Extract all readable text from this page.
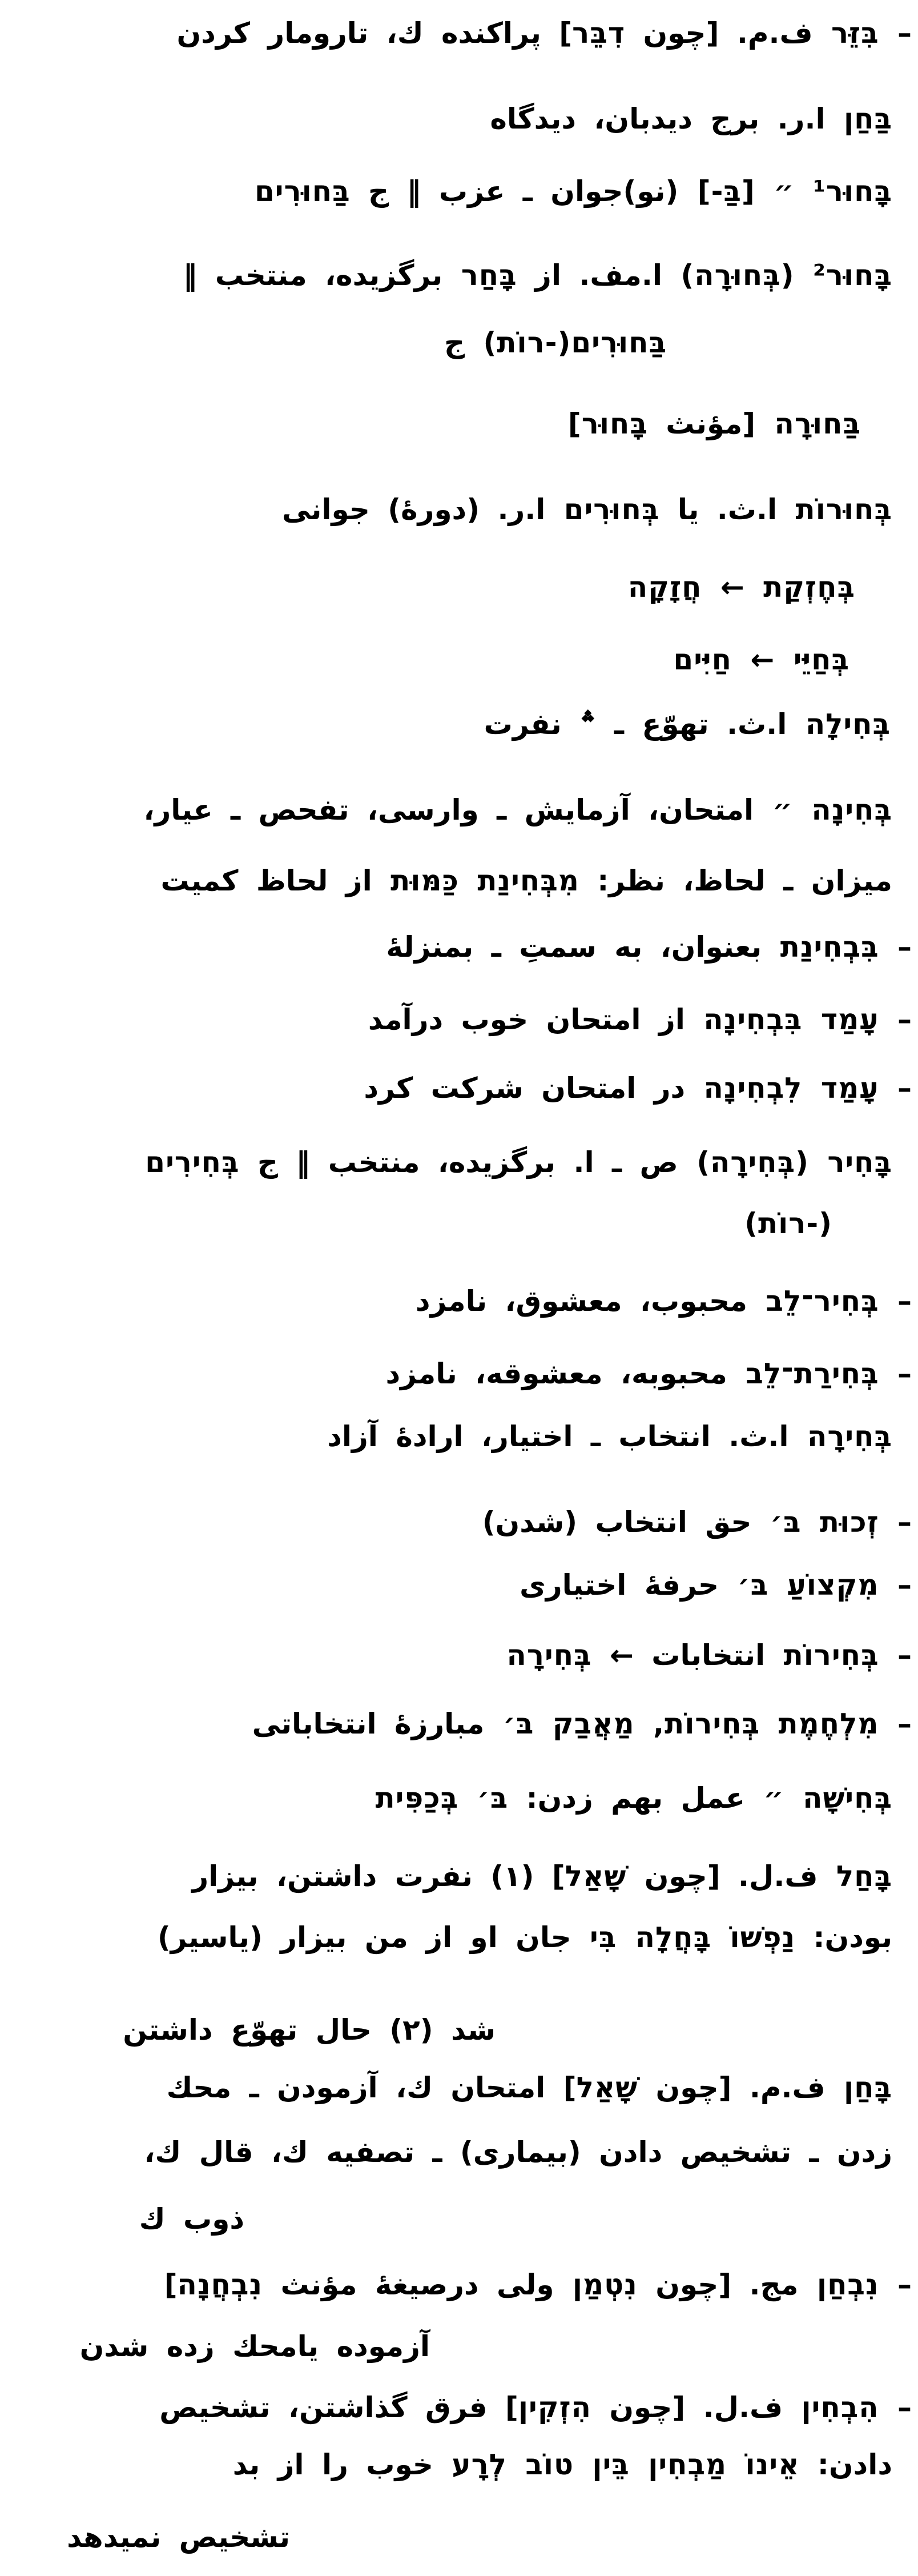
– בִּזֵּר ف.م. [چون דִבֵּר] پراكنده ك، تارومار كردن
בַּחַן ا.ر. برج دیدبان، دیدگاه
בָּחוּר¹ ״ [בַּ-] (نو)جوان ـ عزب ‖ ج בַּחוּרִים
בָּחוּר² (בְּחוּרָה) ا.مف. از בָּחַר برگزیده، منتخب ‖
בַּחוּרִים(-רוֹת) ج
בַּחוּרָה [مؤنث בָּחוּר]
בְּחוּרוֹת ا.ث. یا בְּחוּרִים ا.ر. (دورهٔ) جوانی
בְּחֶזְקַת ← חֲזָקָה
בְּחַיֵּי ← חַיִּים
בְּחִילָה ا.ث. تهوّع ـ ؞ نفرت
בְּחִינָה ״ امتحان، آزمایش ـ وارسی، تفحص ـ عیار،
میزان ـ لحاظ، نظر: מִבְּחִינַת כַּמּוּת از لحاظ كمیت
– בִּבְחִינַת بعنوان، به سمتِ ـ بمنزلهٔ
– עָמַד בִּבְחִינָה از امتحان خوب درآمد
– עָמַד לִבְחִינָה در امتحان شركت كرد
בָּחִיר (בְּחִירָה) ص ـ ا. برگزیده، منتخب ‖ ج בְּחִירִים
(-רוֹת)
– בְּחִיר־לֵב محبوب، معشوق، نامزد
– בְּחִירַת־לֵב محبوبه، معشوقه، نامزد
בְּחִירָה ا.ث. انتخاب ـ اختیار، ارادهٔ آزاد
– זְכוּת בּ׳ حق انتخاب (شدن)
– מִקְצוֹעַ בּ׳ حرفهٔ اختیاری
– בְּחִירוֹת انتخابات ← בְּחִירָה
– מִלְחֶמֶת בְּחִירוֹת, מַאֲבַק בּ׳ مبارزهٔ انتخاباتی
בְּחִישָׁה ״ عمل بهم زدن: בּ׳ בְּכַפִּית
בָּחַל ف.ل. [چون שָׁאַל] (۱) نفرت داشتن، بیزار
بودن: נַפְשׁוֹ בָּחֲלָה בִּי جان او از من بیزار (یاسیر)
شد (۲) حال تهوّع داشتن
בָּחַן ف.م. [چون שָׁאַל] امتحان ك، آزمودن ـ محك
زدن ـ تشخیص دادن (بیماری) ـ تصفیه ك، قال ك،
ذوب ك
– נִבְחַן مج. [چون נִטְמַן ولی درصیغهٔ مؤنث נִבְחֲנָה]
آزموده یامحك زده شدن
– הִבְחִין ف.ل. [چون הִזְקִין] فرق گذاشتن، تشخیص
دادن: אֵינוֹ מַבְחִין בֵּין טוֹב לְרָע خوب را از بد
تشخیص نمیدهد
